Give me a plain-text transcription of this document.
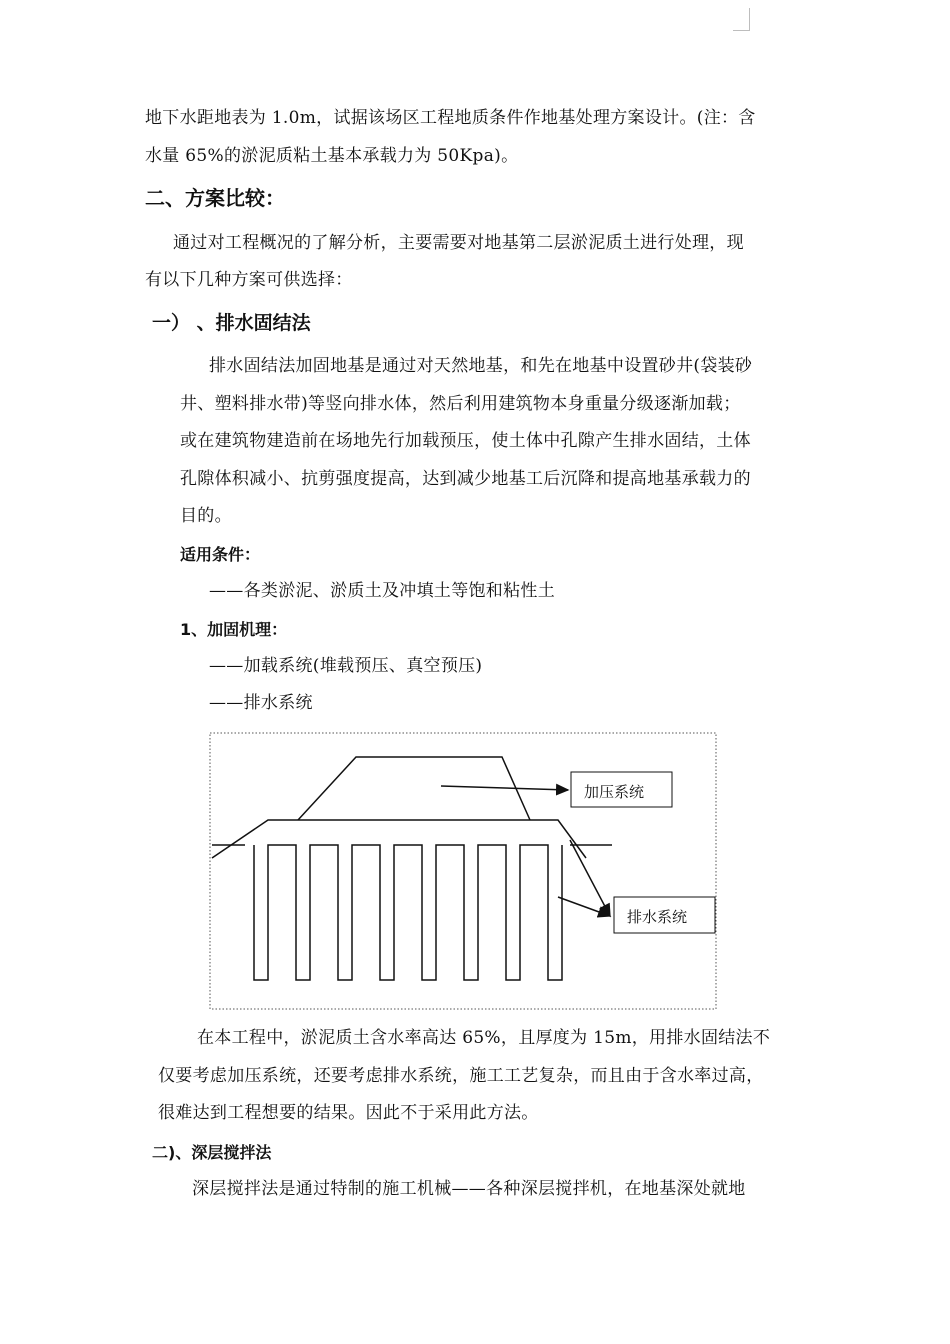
地下水距地表为 1.0m，试据该场区工程地质条件作地基处理方案设计。(注：含
水量 65%的淤泥质粘土基本承载力为 50Kpa)。
二、方案比较：
通过对工程概况的了解分析，主要需要对地基第二层淤泥质土进行处理，现
有以下几种方案可供选择：
一） 、排水固结法
排水固结法加固地基是通过对天然地基，和先在地基中设置砂井(袋装砂
井、塑料排水带)等竖向排水体，然后利用建筑物本身重量分级逐渐加载；
或在建筑物建造前在场地先行加载预压，使土体中孔隙产生排水固结，土体
孔隙体积减小、抗剪强度提高，达到减少地基工后沉降和提高地基承载力的
目的。
适用条件：
——各类淤泥、淤质土及冲填土等饱和粘性土
1、加固机理：
——加载系统(堆载预压、真空预压)
——排水系统
加压系统
排水系统
在本工程中，淤泥质土含水率高达 65%，且厚度为 15m，用排水固结法不
仅要考虑加压系统，还要考虑排水系统，施工工艺复杂，而且由于含水率过高，
很难达到工程想要的结果。因此不于采用此方法。
二)、深层搅拌法
深层搅拌法是通过特制的施工机械——各种深层搅拌机，在地基深处就地
